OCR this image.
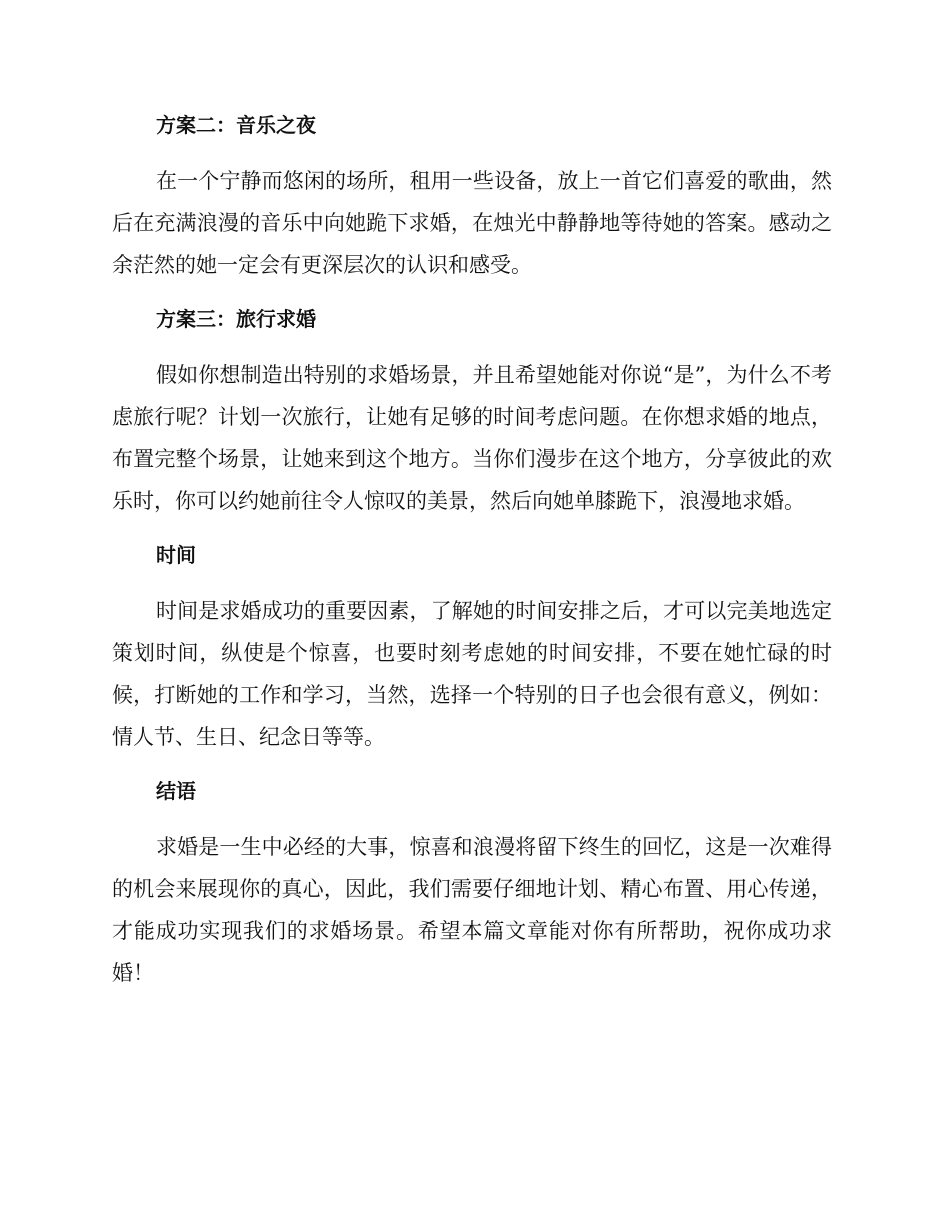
方案二：音乐之夜

在一个宁静而悠闲的场所，租用一些设备，放上一首它们喜爱的歌曲，然后在充满浪漫的音乐中向她跪下求婚，在烛光中静静地等待她的答案。感动之余茫然的她一定会有更深层次的认识和感受。

方案三：旅行求婚

假如你想制造出特别的求婚场景，并且希望她能对你说“是”，为什么不考虑旅行呢？计划一次旅行，让她有足够的时间考虑问题。在你想求婚的地点，布置完整个场景，让她来到这个地方。当你们漫步在这个地方，分享彼此的欢乐时，你可以约她前往令人惊叹的美景，然后向她单膝跪下，浪漫地求婚。

时间

时间是求婚成功的重要因素，了解她的时间安排之后，才可以完美地选定策划时间，纵使是个惊喜，也要时刻考虑她的时间安排，不要在她忙碌的时候，打断她的工作和学习，当然，选择一个特别的日子也会很有意义，例如：情人节、生日、纪念日等等。

结语

求婚是一生中必经的大事，惊喜和浪漫将留下终生的回忆，这是一次难得的机会来展现你的真心，因此，我们需要仔细地计划、精心布置、用心传递，才能成功实现我们的求婚场景。希望本篇文章能对你有所帮助，祝你成功求婚！
